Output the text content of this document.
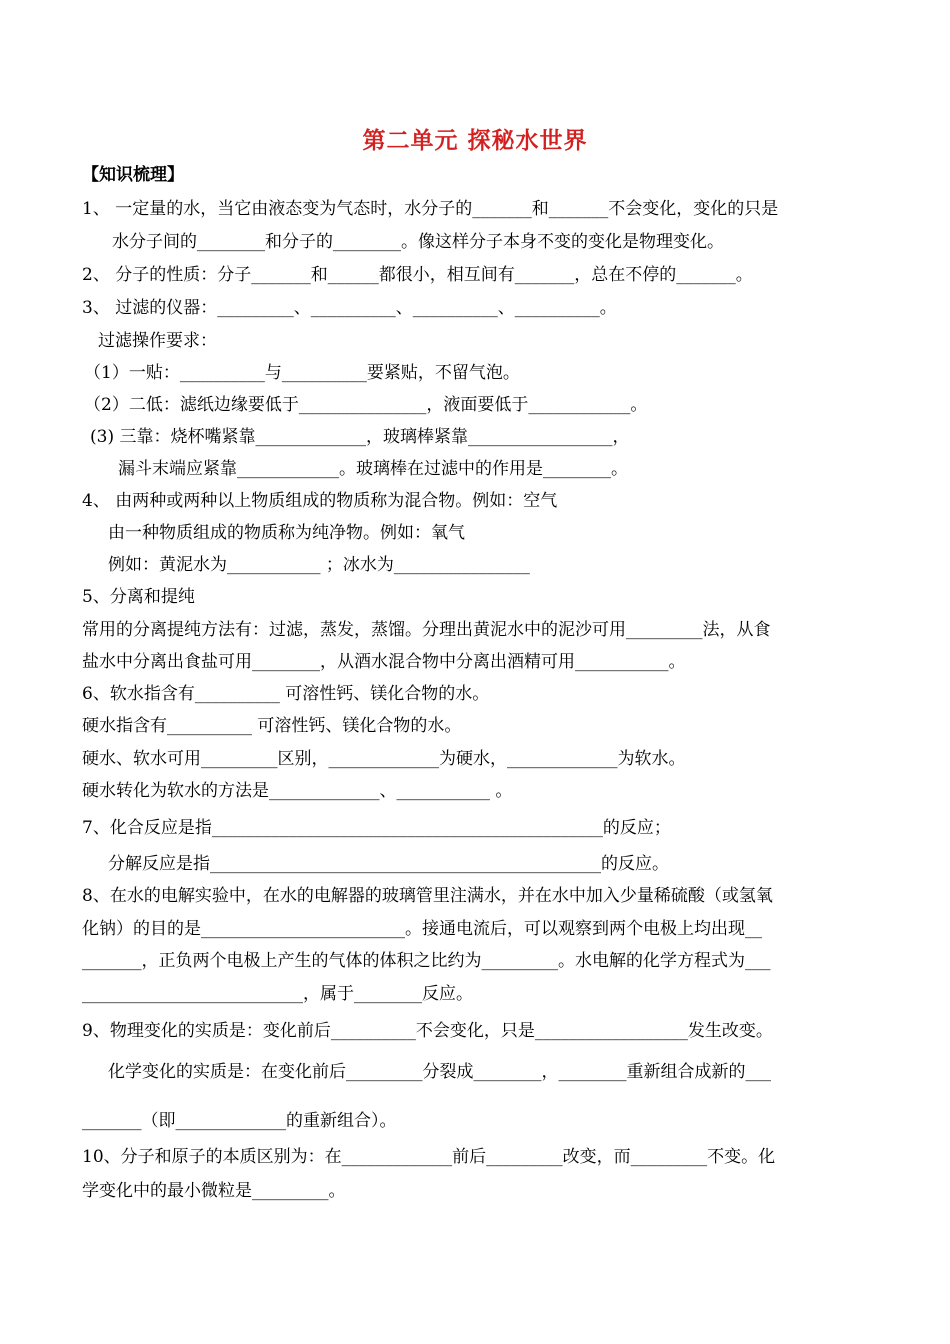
第二单元 探秘水世界
【知识梳理】
1、 一定量的水，当它由液态变为气态时，水分子的_______和_______不会变化，变化的只是
水分子间的________和分子的________。像这样分子本身不变的变化是物理变化。
2、 分子的性质：分子_______和______都很小，相互间有_______，总在不停的_______。
3、 过滤的仪器：_________、__________、__________、__________。
过滤操作要求：
（1）一贴：__________与__________要紧贴，不留气泡。
（2）二低：滤纸边缘要低于_______________，液面要低于____________。
(3) 三靠：烧杯嘴紧靠_____________，玻璃棒紧靠_________________，
漏斗末端应紧靠____________。玻璃棒在过滤中的作用是________。
4、 由两种或两种以上物质组成的物质称为混合物。例如：空气
由一种物质组成的物质称为纯净物。例如：氧气
例如：黄泥水为___________ ；冰水为________________
5、分离和提纯
常用的分离提纯方法有：过滤，蒸发，蒸馏。分理出黄泥水中的泥沙可用_________法，从食
盐水中分离出食盐可用________，从酒水混合物中分离出酒精可用___________。
6、软水指含有__________ 可溶性钙、镁化合物的水。
硬水指含有__________ 可溶性钙、镁化合物的水。
硬水、软水可用_________区别，_____________为硬水，_____________为软水。
硬水转化为软水的方法是_____________、___________ 。
7、化合反应是指______________________________________________的反应；
分解反应是指______________________________________________的反应。
8、在水的电解实验中，在水的电解器的玻璃管里注满水，并在水中加入少量稀硫酸（或氢氧
化钠）的目的是________________________。接通电流后，可以观察到两个电极上均出现__
_______，正负两个电极上产生的气体的体积之比约为_________。水电解的化学方程式为___
__________________________，属于________反应。
9、物理变化的实质是：变化前后__________不会变化，只是__________________发生改变。
化学变化的实质是：在变化前后_________分裂成________，________重新组合成新的___
_______（即_____________的重新组合）。
10、分子和原子的本质区别为：在_____________前后_________改变，而_________不变。化
学变化中的最小微粒是_________。
